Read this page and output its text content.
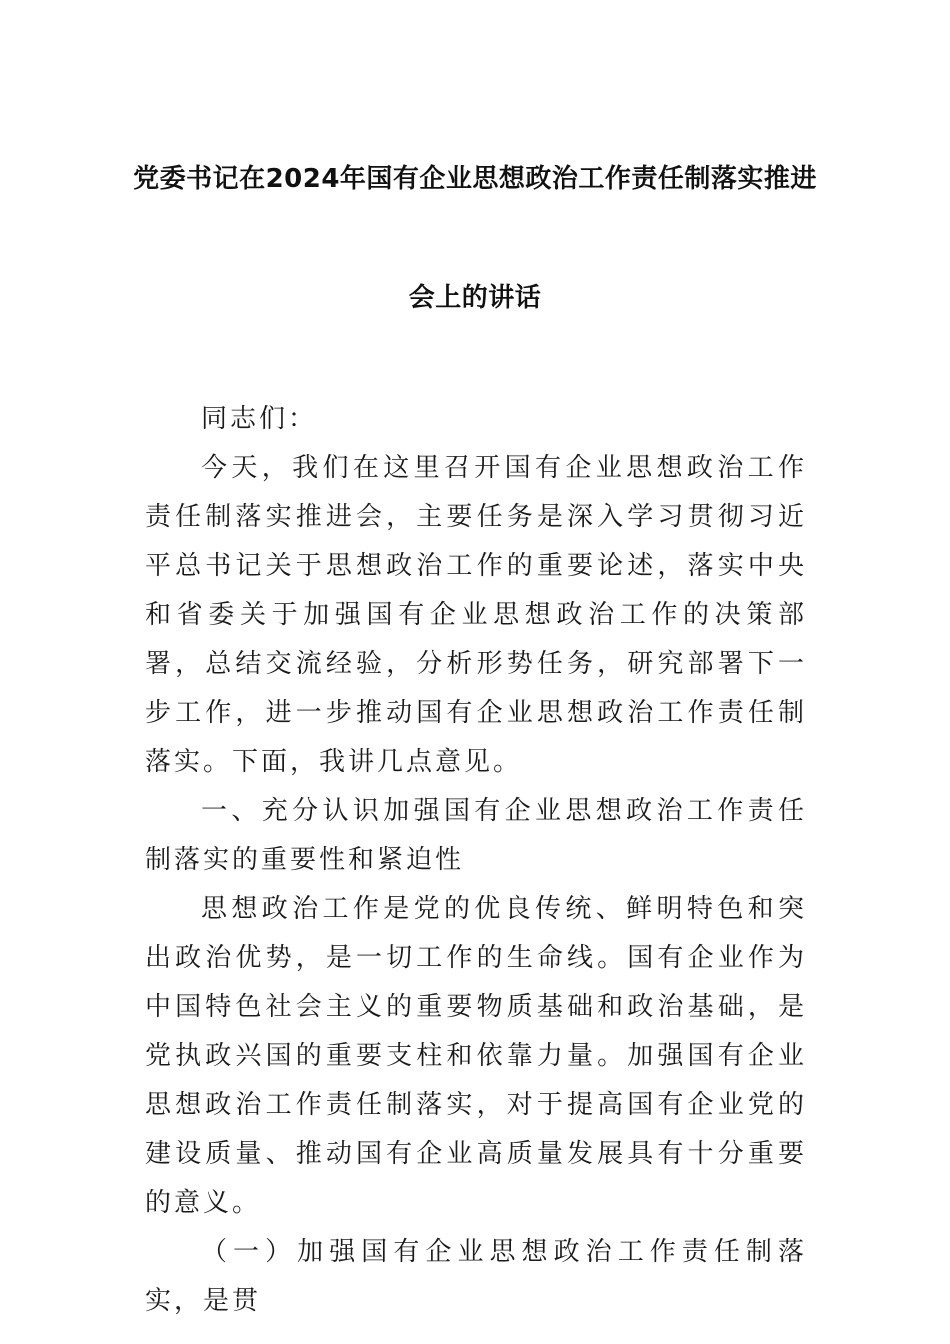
党委书记在2024年国有企业思想政治工作责任制落实推进
会上的讲话

同志们：

今天，我们在这里召开国有企业思想政治工作责任制落实推进会，主要任务是深入学习贯彻习近平总书记关于思想政治工作的重要论述，落实中央和省委关于加强国有企业思想政治工作的决策部署，总结交流经验，分析形势任务，研究部署下一步工作，进一步推动国有企业思想政治工作责任制落实。下面，我讲几点意见。

一、充分认识加强国有企业思想政治工作责任制落实的重要性和紧迫性

思想政治工作是党的优良传统、鲜明特色和突出政治优势，是一切工作的生命线。国有企业作为中国特色社会主义的重要物质基础和政治基础，是党执政兴国的重要支柱和依靠力量。加强国有企业思想政治工作责任制落实，对于提高国有企业党的建设质量、推动国有企业高质量发展具有十分重要的意义。

（一）加强国有企业思想政治工作责任制落实，是贯
